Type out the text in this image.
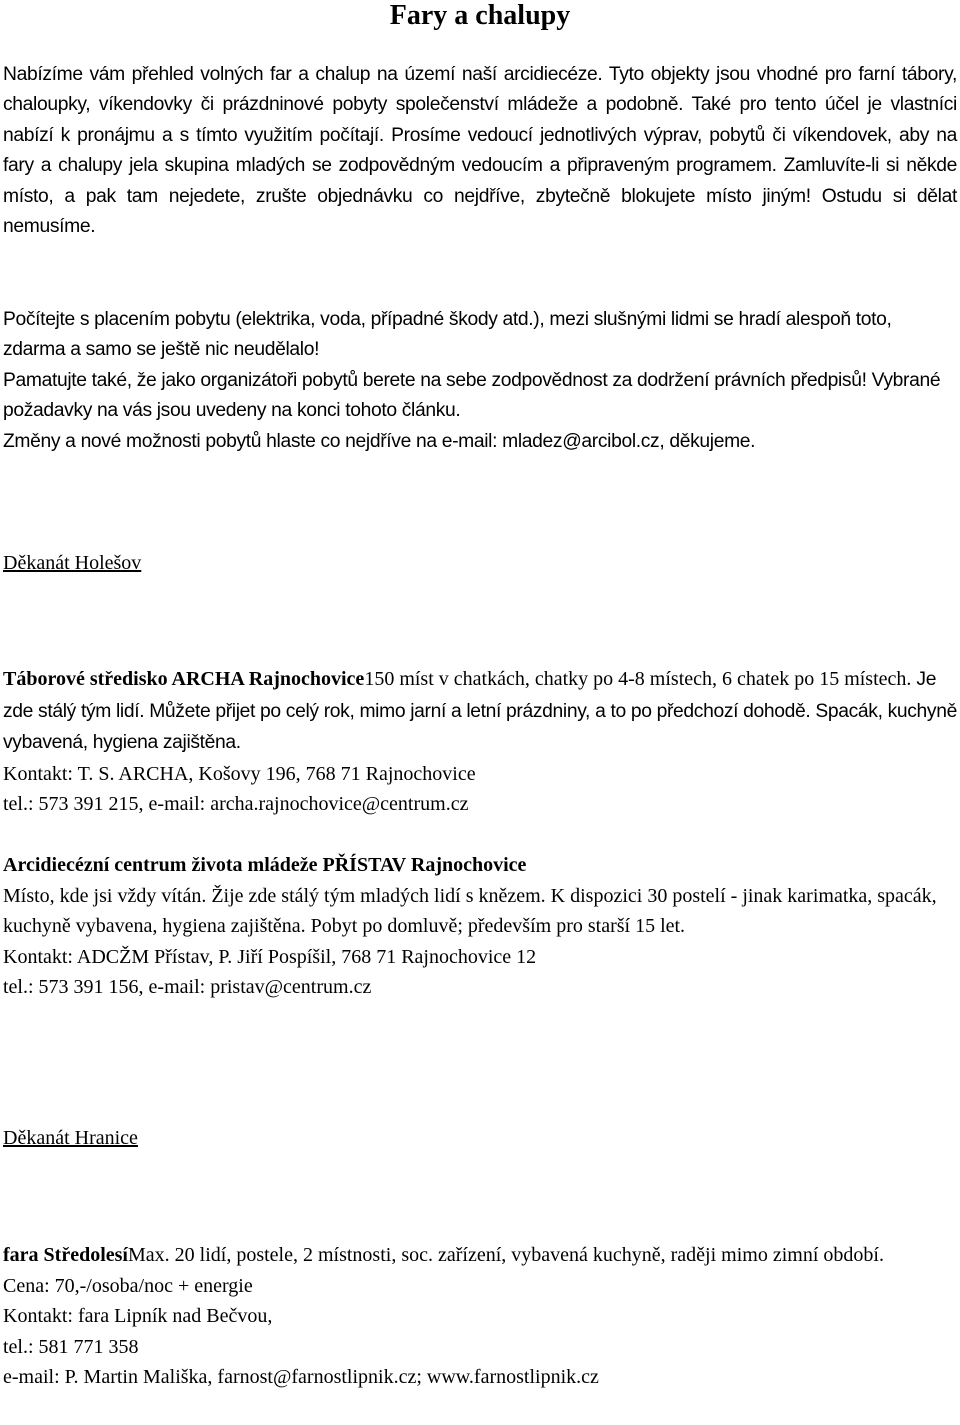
Fary a chalupy

Nabízíme vám přehled volných far a chalup na území naší arcidiecéze. Tyto objekty jsou vhodné pro farní tábory, chaloupky, víkendovky či prázdninové pobyty společenství mládeže a podobně. Také pro tento účel je vlastníci nabízí k pronájmu a s tímto využitím počítají. Prosíme vedoucí jednotlivých výprav, pobytů či víkendovek, aby na fary a chalupy jela skupina mladých se zodpovědným vedoucím a připraveným programem. Zamluvíte-li si někde místo, a pak tam nejedete, zrušte objednávku co nejdříve, zbytečně blokujete místo jiným! Ostudu si dělat nemusíme.

Počítejte s placením pobytu (elektrika, voda, případné škody atd.), mezi slušnými lidmi se hradí alespoň toto, zdarma a samo se ještě nic neudělalo!

Pamatujte také, že jako organizátoři pobytů berete na sebe zodpovědnost za dodržení právních předpisů! Vybrané požadavky na vás jsou uvedeny na konci tohoto článku.

Změny a nové možnosti pobytů hlaste co nejdříve na e-mail: mladez@arcibol.cz, děkujeme.

Děkanát Holešov

Táborové středisko ARCHA Rajnochovice150 míst v chatkách, chatky po 4-8 místech, 6 chatek po 15 místech. Je zde stálý tým lidí. Můžete přijet po celý rok, mimo jarní a letní prázdniny, a to po předchozí dohodě. Spacák, kuchyně vybavená, hygiena zajištěna.

Kontakt: T. S. ARCHA, Košovy 196, 768 71 Rajnochovice

tel.: 573 391 215, e-mail: archa.rajnochovice@centrum.cz

Arcidiecézní centrum života mládeže PŘÍSTAV Rajnochovice

Místo, kde jsi vždy vítán. Žije zde stálý tým mladých lidí s knězem. K dispozici 30 postelí - jinak karimatka, spacák, kuchyně vybavena, hygiena zajištěna. Pobyt po domluvě; především pro starší 15 let.

Kontakt: ADCŽM Přístav, P. Jiří Pospíšil, 768 71 Rajnochovice 12

tel.: 573 391 156, e-mail: pristav@centrum.cz

Děkanát Hranice

fara StředolesíMax. 20 lidí, postele, 2 místnosti, soc. zařízení, vybavená kuchyně, raději mimo zimní období.

Cena: 70,-/osoba/noc + energie

Kontakt: fara Lipník nad Bečvou,

tel.: 581 771 358

e-mail: P. Martin Mališka, farnost@farnostlipnik.cz; www.farnostlipnik.cz
